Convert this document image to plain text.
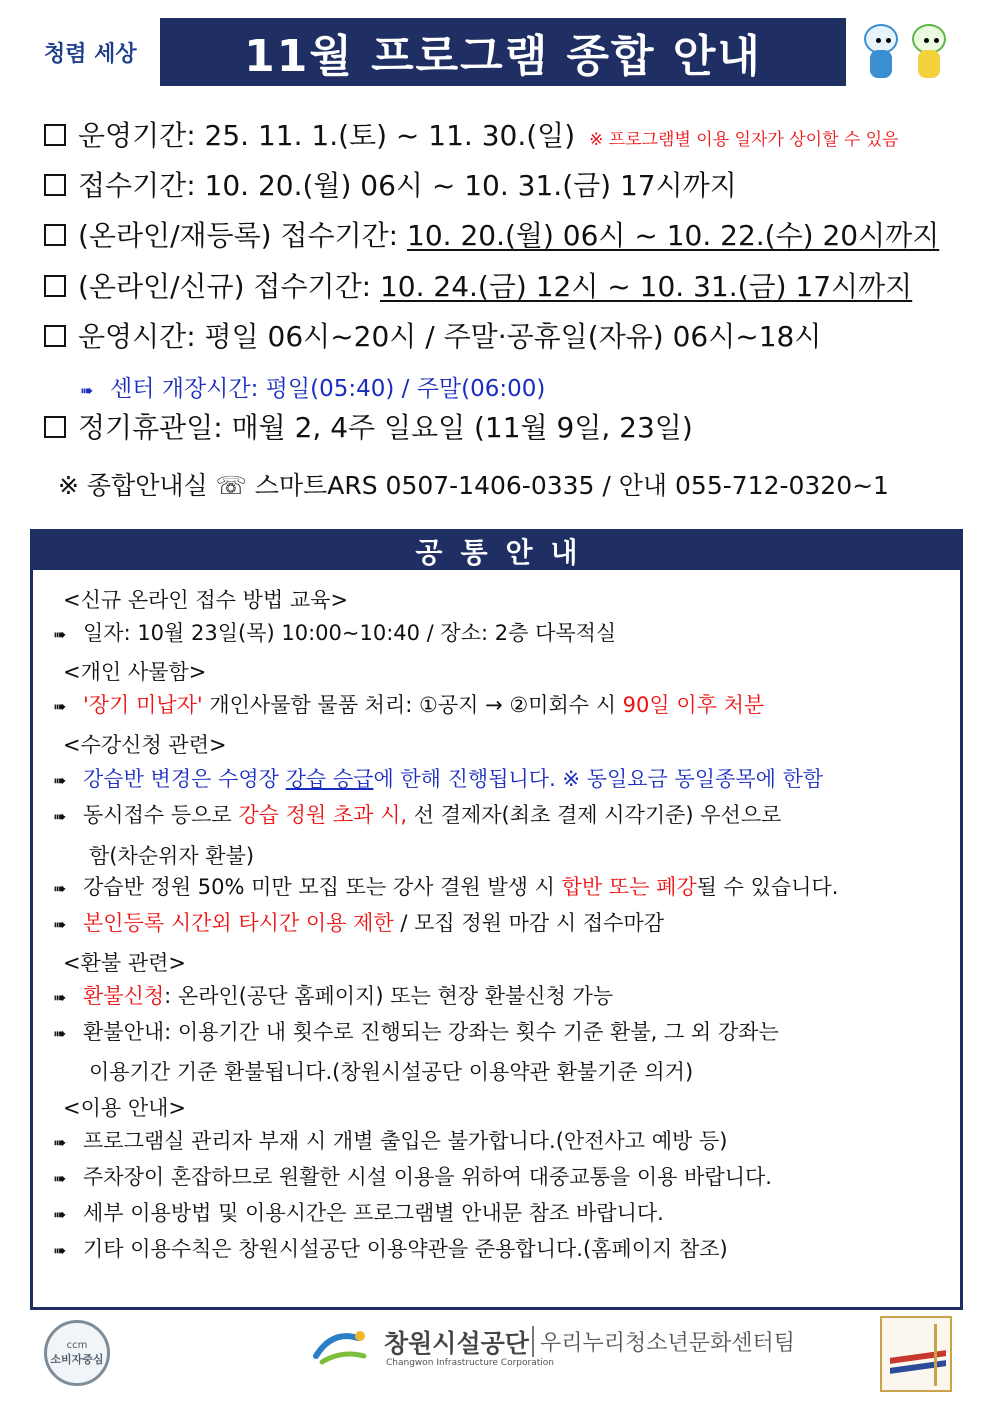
청렴 세상 11월 프로그램 종합 안내
운영기간: 25. 11. 1.(토) ~ 11. 30.(일) ※ 프로그램별 이용 일자가 상이할 수 있음
접수기간: 10. 20.(월) 06시 ~ 10. 31.(금) 17시까지
(온라인/재등록) 접수기간: 10. 20.(월) 06시 ~ 10. 22.(수) 20시까지
(온라인/신규) 접수기간: 10. 24.(금) 12시 ~ 10. 31.(금) 17시까지
운영시간: 평일 06시~20시 / 주말·공휴일(자유) 06시~18시
➠ 센터 개장시간: 평일(05:40) / 주말(06:00)
정기휴관일: 매월 2, 4주 일요일 (11월 9일, 23일)
※ 종합안내실 ☏ 스마트ARS 0507-1406-0335 / 안내 055-712-0320~1
공통안내
<신규 온라인 접수 방법 교육>
➠ 일자: 10월 23일(목) 10:00~10:40 / 장소: 2층 다목적실
<개인 사물함>
➠ '장기 미납자' 개인사물함 물품 처리: ①공지 → ②미회수 시 90일 이후 처분
<수강신청 관련>
➠ 강습반 변경은 수영장 강습 승급에 한해 진행됩니다. ※ 동일요금 동일종목에 한함
➠ 동시접수 등으로 강습 정원 초과 시, 선 결제자(최초 결제 시각기준) 우선으로
함(차순위자 환불)
➠ 강습반 정원 50% 미만 모집 또는 강사 결원 발생 시 합반 또는 폐강될 수 있습니다.
➠ 본인등록 시간외 타시간 이용 제한 / 모집 정원 마감 시 접수마감
<환불 관련>
➠ 환불신청: 온라인(공단 홈페이지) 또는 현장 환불신청 가능
➠ 환불안내: 이용기간 내 횟수로 진행되는 강좌는 횟수 기준 환불, 그 외 강좌는
이용기간 기준 환불됩니다.(창원시설공단 이용약관 환불기준 의거)
<이용 안내>
➠ 프로그램실 관리자 부재 시 개별 출입은 불가합니다.(안전사고 예방 등)
➠ 주차장이 혼잡하므로 원활한 시설 이용을 위하여 대중교통을 이용 바랍니다.
➠ 세부 이용방법 및 이용시간은 프로그램별 안내문 참조 바랍니다.
➠ 기타 이용수칙은 창원시설공단 이용약관을 준용합니다.(홈페이지 참조)
ccm
소비자중심
창원시설공단
Changwon Infrastructure Corporation
우리누리청소년문화센터팀
